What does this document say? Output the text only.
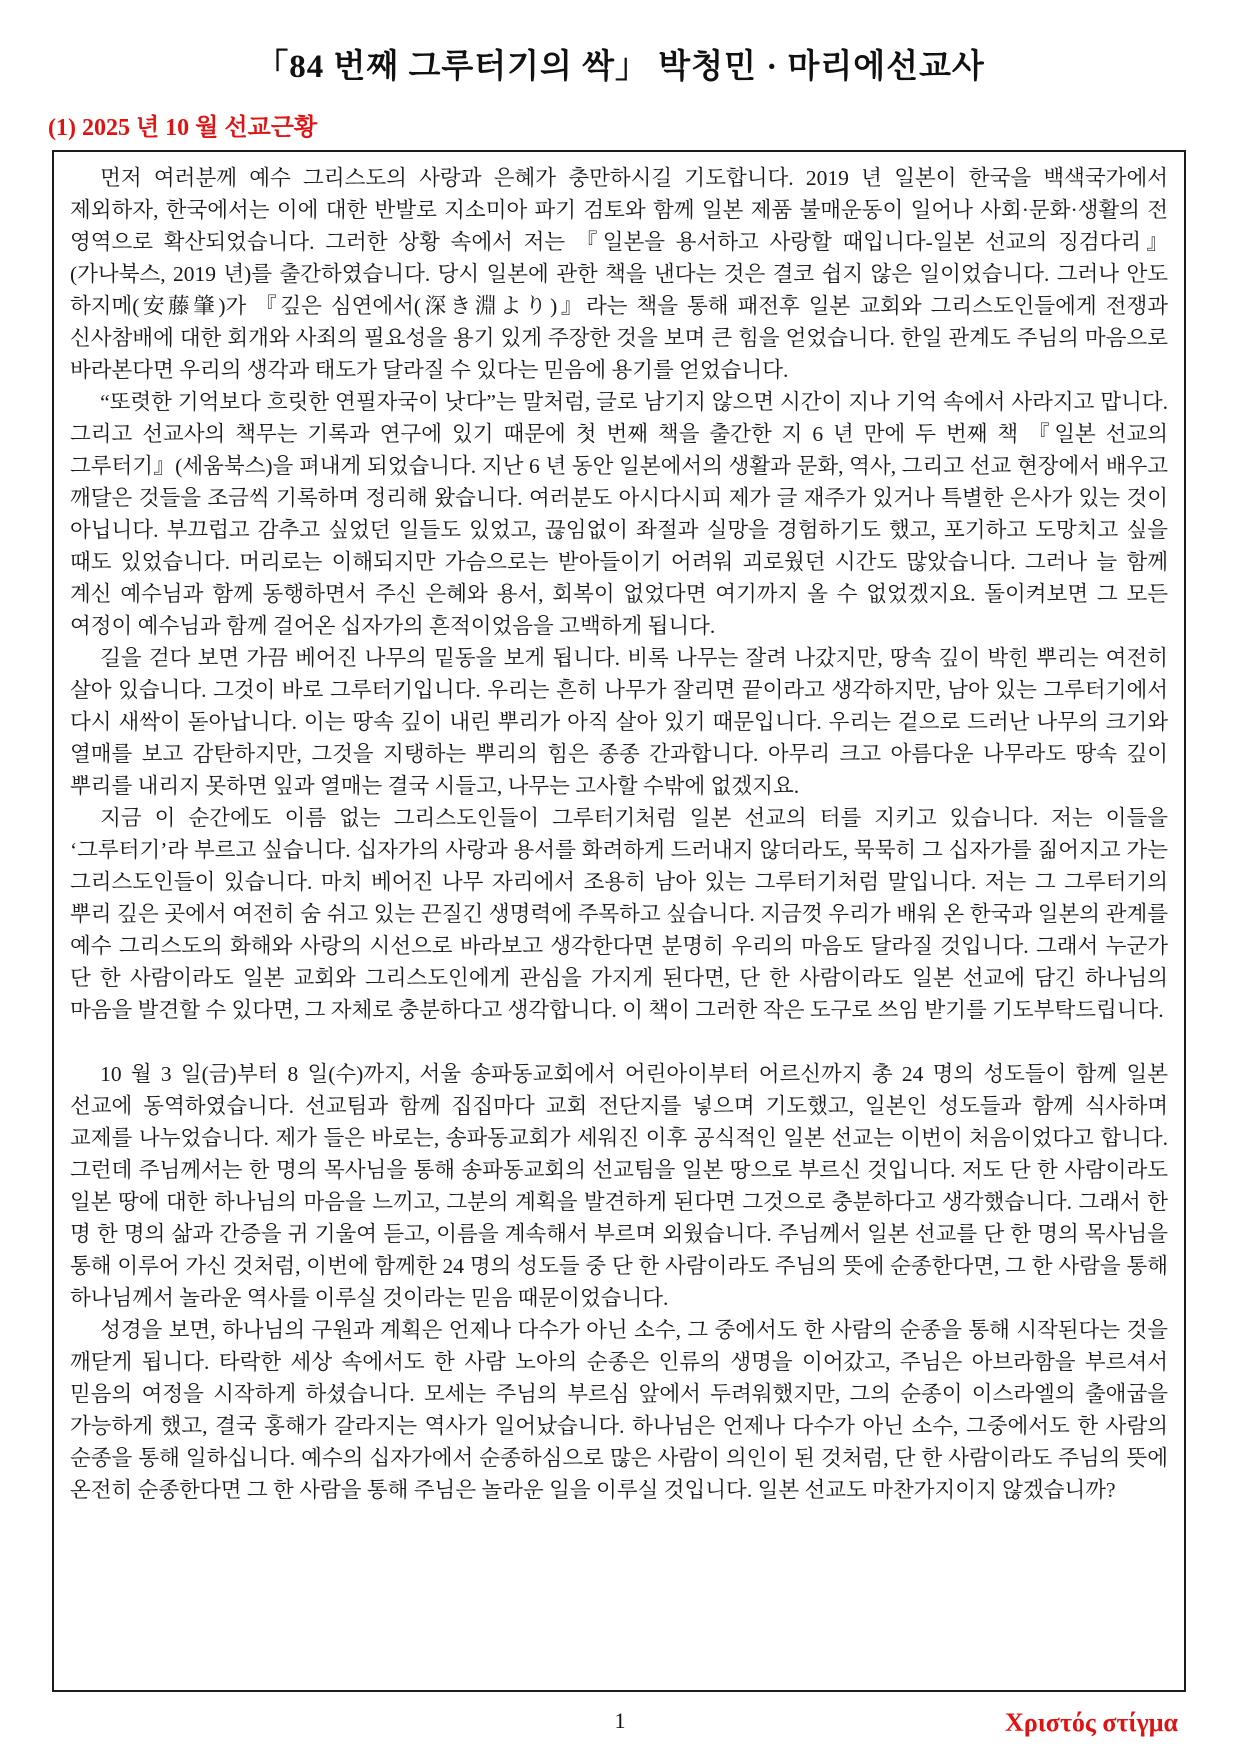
「84 번째 그루터기의 싹」 박청민 · 마리에선교사
(1) 2025 년 10 월 선교근황

먼저 여러분께 예수 그리스도의 사랑과 은혜가 충만하시길 기도합니다. 2019 년 일본이 한국을 백색국가에서 제외하자, 한국에서는 이에 대한 반발로 지소미아 파기 검토와 함께 일본 제품 불매운동이 일어나 사회·문화·생활의 전 영역으로 확산되었습니다. 그러한 상황 속에서 저는 『일본을 용서하고 사랑할 때입니다-일본 선교의 징검다리』(가나북스, 2019 년)를 출간하였습니다. 당시 일본에 관한 책을 낸다는 것은 결코 쉽지 않은 일이었습니다. 그러나 안도 하지메(安藤肇)가 『깊은 심연에서(深き淵より)』라는 책을 통해 패전후 일본 교회와 그리스도인들에게 전쟁과 신사참배에 대한 회개와 사죄의 필요성을 용기 있게 주장한 것을 보며 큰 힘을 얻었습니다. 한일 관계도 주님의 마음으로 바라본다면 우리의 생각과 태도가 달라질 수 있다는 믿음에 용기를 얻었습니다.

“또렷한 기억보다 흐릿한 연필자국이 낫다”는 말처럼, 글로 남기지 않으면 시간이 지나 기억 속에서 사라지고 맙니다. 그리고 선교사의 책무는 기록과 연구에 있기 때문에 첫 번째 책을 출간한 지 6 년 만에 두 번째 책 『일본 선교의 그루터기』(세움북스)을 펴내게 되었습니다. 지난 6 년 동안 일본에서의 생활과 문화, 역사, 그리고 선교 현장에서 배우고 깨달은 것들을 조금씩 기록하며 정리해 왔습니다. 여러분도 아시다시피 제가 글 재주가 있거나 특별한 은사가 있는 것이 아닙니다. 부끄럽고 감추고 싶었던 일들도 있었고, 끊임없이 좌절과 실망을 경험하기도 했고, 포기하고 도망치고 싶을 때도 있었습니다. 머리로는 이해되지만 가슴으로는 받아들이기 어려워 괴로웠던 시간도 많았습니다. 그러나 늘 함께 계신 예수님과 함께 동행하면서 주신 은혜와 용서, 회복이 없었다면 여기까지 올 수 없었겠지요. 돌이켜보면 그 모든 여정이 예수님과 함께 걸어온 십자가의 흔적이었음을 고백하게 됩니다.

길을 걷다 보면 가끔 베어진 나무의 밑동을 보게 됩니다. 비록 나무는 잘려 나갔지만, 땅속 깊이 박힌 뿌리는 여전히 살아 있습니다. 그것이 바로 그루터기입니다. 우리는 흔히 나무가 잘리면 끝이라고 생각하지만, 남아 있는 그루터기에서 다시 새싹이 돋아납니다. 이는 땅속 깊이 내린 뿌리가 아직 살아 있기 때문입니다. 우리는 겉으로 드러난 나무의 크기와 열매를 보고 감탄하지만, 그것을 지탱하는 뿌리의 힘은 종종 간과합니다. 아무리 크고 아름다운 나무라도 땅속 깊이 뿌리를 내리지 못하면 잎과 열매는 결국 시들고, 나무는 고사할 수밖에 없겠지요.

지금 이 순간에도 이름 없는 그리스도인들이 그루터기처럼 일본 선교의 터를 지키고 있습니다. 저는 이들을 ‘그루터기’라 부르고 싶습니다. 십자가의 사랑과 용서를 화려하게 드러내지 않더라도, 묵묵히 그 십자가를 짊어지고 가는 그리스도인들이 있습니다. 마치 베어진 나무 자리에서 조용히 남아 있는 그루터기처럼 말입니다. 저는 그 그루터기의 뿌리 깊은 곳에서 여전히 숨 쉬고 있는 끈질긴 생명력에 주목하고 싶습니다. 지금껏 우리가 배워 온 한국과 일본의 관계를 예수 그리스도의 화해와 사랑의 시선으로 바라보고 생각한다면 분명히 우리의 마음도 달라질 것입니다. 그래서 누군가 단 한 사람이라도 일본 교회와 그리스도인에게 관심을 가지게 된다면, 단 한 사람이라도 일본 선교에 담긴 하나님의 마음을 발견할 수 있다면, 그 자체로 충분하다고 생각합니다. 이 책이 그러한 작은 도구로 쓰임 받기를 기도부탁드립니다.

10 월 3 일(금)부터 8 일(수)까지, 서울 송파동교회에서 어린아이부터 어르신까지 총 24 명의 성도들이 함께 일본 선교에 동역하였습니다. 선교팀과 함께 집집마다 교회 전단지를 넣으며 기도했고, 일본인 성도들과 함께 식사하며 교제를 나누었습니다. 제가 들은 바로는, 송파동교회가 세워진 이후 공식적인 일본 선교는 이번이 처음이었다고 합니다. 그런데 주님께서는 한 명의 목사님을 통해 송파동교회의 선교팀을 일본 땅으로 부르신 것입니다. 저도 단 한 사람이라도 일본 땅에 대한 하나님의 마음을 느끼고, 그분의 계획을 발견하게 된다면 그것으로 충분하다고 생각했습니다. 그래서 한 명 한 명의 삶과 간증을 귀 기울여 듣고, 이름을 계속해서 부르며 외웠습니다. 주님께서 일본 선교를 단 한 명의 목사님을 통해 이루어 가신 것처럼, 이번에 함께한 24 명의 성도들 중 단 한 사람이라도 주님의 뜻에 순종한다면, 그 한 사람을 통해 하나님께서 놀라운 역사를 이루실 것이라는 믿음 때문이었습니다.

성경을 보면, 하나님의 구원과 계획은 언제나 다수가 아닌 소수, 그 중에서도 한 사람의 순종을 통해 시작된다는 것을 깨닫게 됩니다. 타락한 세상 속에서도 한 사람 노아의 순종은 인류의 생명을 이어갔고, 주님은 아브라함을 부르셔서 믿음의 여정을 시작하게 하셨습니다. 모세는 주님의 부르심 앞에서 두려워했지만, 그의 순종이 이스라엘의 출애굽을 가능하게 했고, 결국 홍해가 갈라지는 역사가 일어났습니다. 하나님은 언제나 다수가 아닌 소수, 그중에서도 한 사람의 순종을 통해 일하십니다. 예수의 십자가에서 순종하심으로 많은 사람이 의인이 된 것처럼, 단 한 사람이라도 주님의 뜻에 온전히 순종한다면 그 한 사람을 통해 주님은 놀라운 일을 이루실 것입니다. 일본 선교도 마찬가지이지 않겠습니까?

1	Χριστός στίγμα
